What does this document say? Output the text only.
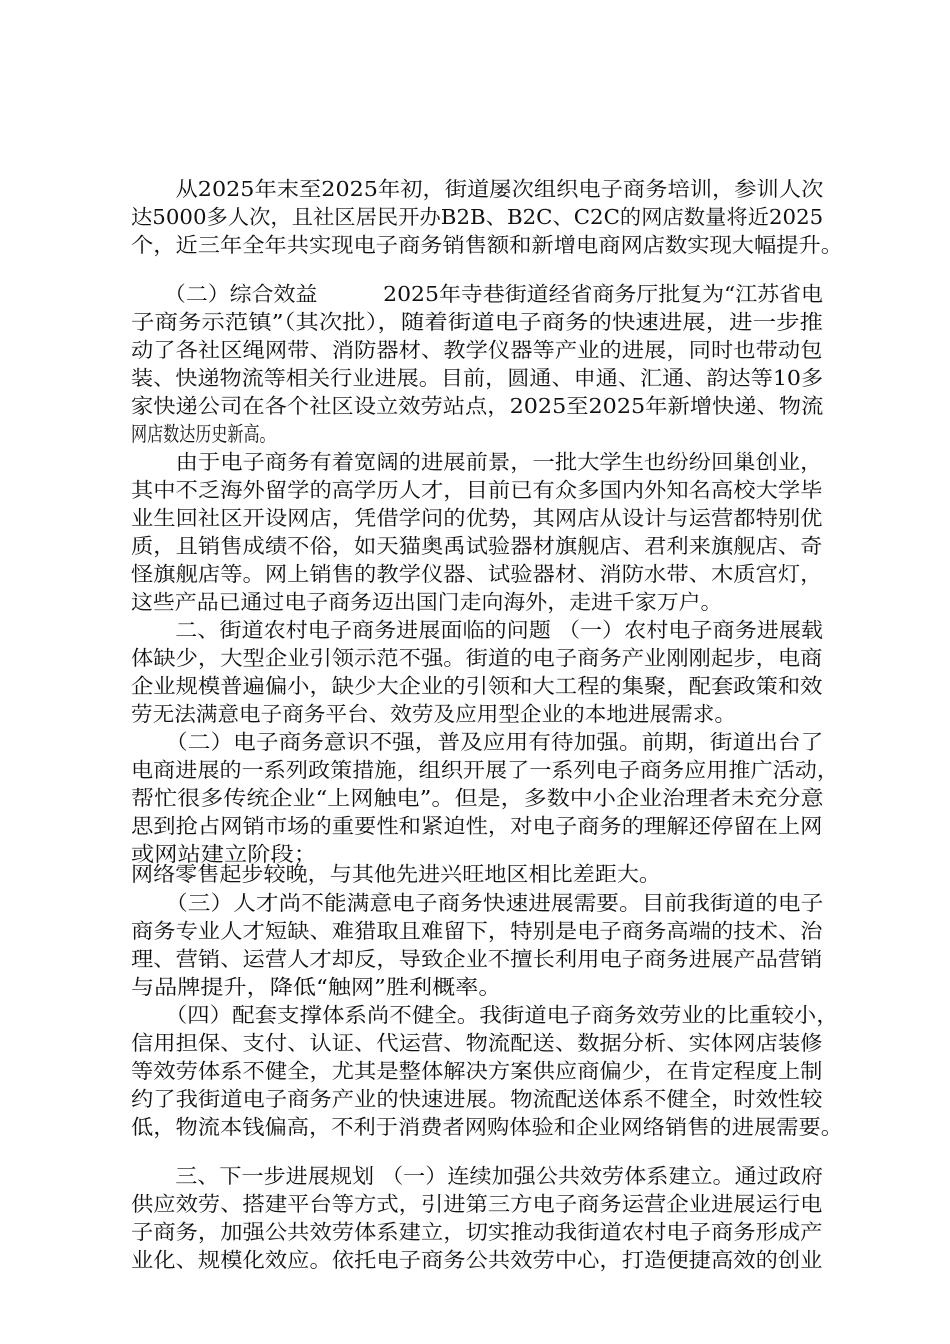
　　从2025年末至2025年初，街道屡次组织电子商务培训，参训人次
达5000多人次，且社区居民开办B2B、B2C、C2C的网店数量将近2025
个，近三年全年共实现电子商务销售额和新增电商网店数实现大幅提升。
　　（二）综合效益　　　2025年寺巷街道经省商务厅批复为“江苏省电
子商务示范镇”（其次批），随着街道电子商务的快速进展，进一步推
动了各社区绳网带、消防器材、教学仪器等产业的进展，同时也带动包
装、快递物流等相关行业进展。目前，圆通、申通、汇通、韵达等10多
家快递公司在各个社区设立效劳站点，2025至2025年新增快递、物流
网店数达历史新高。
　　由于电子商务有着宽阔的进展前景，一批大学生也纷纷回巢创业，
其中不乏海外留学的高学历人才，目前已有众多国内外知名高校大学毕
业生回社区开设网店，凭借学问的优势，其网店从设计与运营都特别优
质，且销售成绩不俗，如天猫奥禹试验器材旗舰店、君利来旗舰店、奇
怪旗舰店等。网上销售的教学仪器、试验器材、消防水带、木质宫灯，
这些产品已通过电子商务迈出国门走向海外，走进千家万户。
　　二、街道农村电子商务进展面临的问题 （一）农村电子商务进展载
体缺少，大型企业引领示范不强。街道的电子商务产业刚刚起步，电商
企业规模普遍偏小，缺少大企业的引领和大工程的集聚，配套政策和效
劳无法满意电子商务平台、效劳及应用型企业的本地进展需求。
　　（二）电子商务意识不强，普及应用有待加强。前期，街道出台了
电商进展的一系列政策措施，组织开展了一系列电子商务应用推广活动，
帮忙很多传统企业“上网触电”。但是，多数中小企业治理者未充分意
思到抢占网销市场的重要性和紧迫性，对电子商务的理解还停留在上网
或网站建立阶段；
网络零售起步较晚，与其他先进兴旺地区相比差距大。
　　（三）人才尚不能满意电子商务快速进展需要。目前我街道的电子
商务专业人才短缺、难猎取且难留下，特别是电子商务高端的技术、治
理、营销、运营人才却反，导致企业不擅长利用电子商务进展产品营销
与品牌提升，降低“触网”胜利概率。
　　（四）配套支撑体系尚不健全。我街道电子商务效劳业的比重较小，
信用担保、支付、认证、代运营、物流配送、数据分析、实体网店装修
等效劳体系不健全，尤其是整体解决方案供应商偏少，在肯定程度上制
约了我街道电子商务产业的快速进展。物流配送体系不健全，时效性较
低，物流本钱偏高，不利于消费者网购体验和企业网络销售的进展需要。
　　三、下一步进展规划 （一）连续加强公共效劳体系建立。通过政府
供应效劳、搭建平台等方式，引进第三方电子商务运营企业进展运行电
子商务，加强公共效劳体系建立，切实推动我街道农村电子商务形成产
业化、规模化效应。依托电子商务公共效劳中心，打造便捷高效的创业
